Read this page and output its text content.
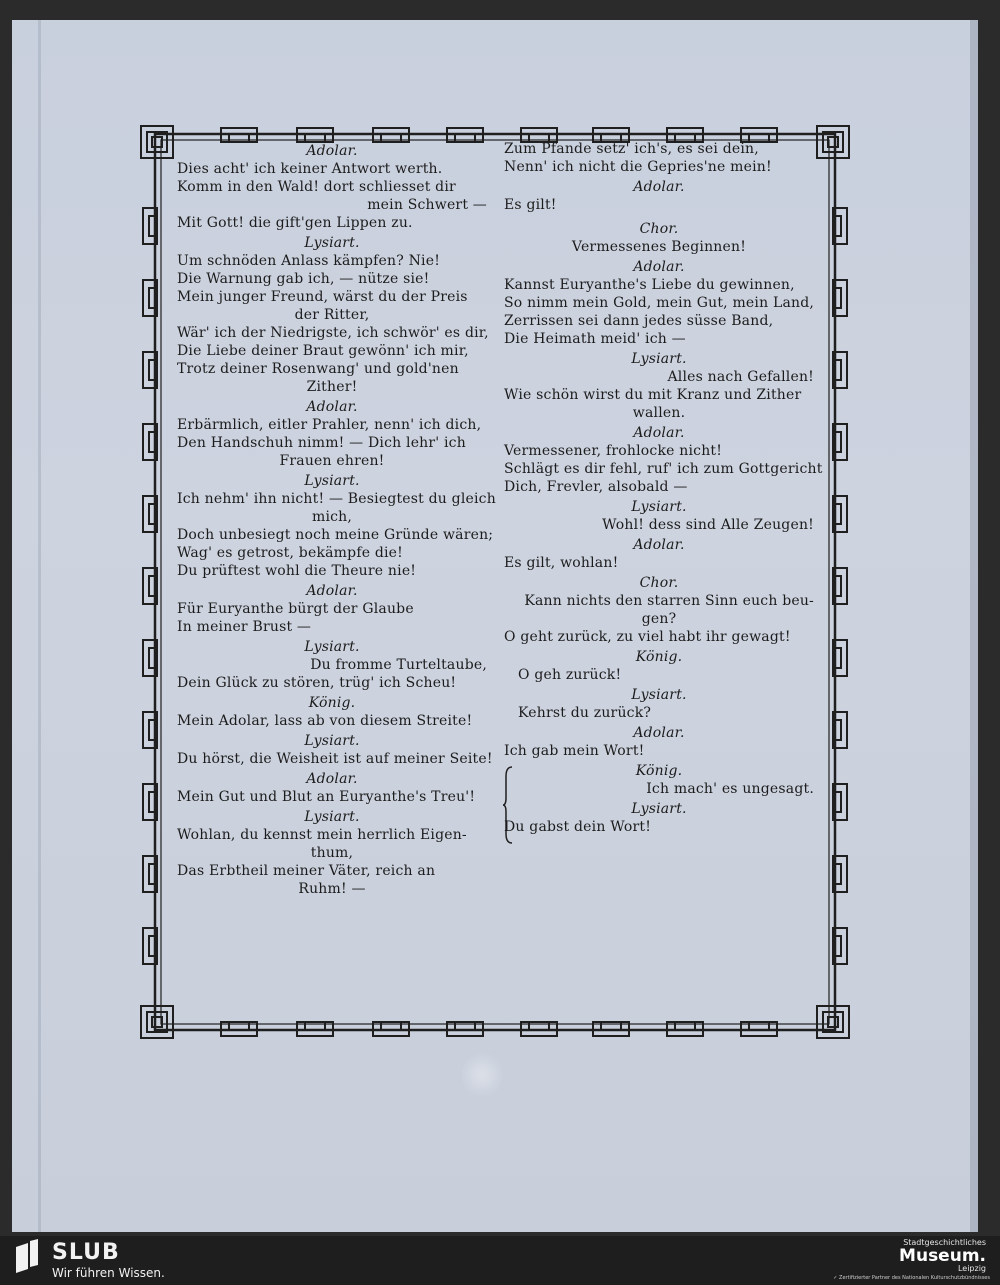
Adolar.
Dies acht' ich keiner Antwort werth.
Komm in den Wald! dort schliesset dir
mein Schwert —
Mit Gott! die gift'gen Lippen zu.
Lysiart.
Um schnöden Anlass kämpfen? Nie!
Die Warnung gab ich, — nütze sie!
Mein junger Freund, wärst du der Preis
der Ritter,
Wär' ich der Niedrigste, ich schwör' es dir,
Die Liebe deiner Braut gewönn' ich mir,
Trotz deiner Rosenwang' und gold'nen
Zither!
Adolar.
Erbärmlich, eitler Prahler, nenn' ich dich,
Den Handschuh nimm! — Dich lehr' ich
Frauen ehren!
Lysiart.
Ich nehm' ihn nicht! — Besiegtest du gleich
mich,
Doch unbesiegt noch meine Gründe wären;
Wag' es getrost, bekämpfe die!
Du prüftest wohl die Theure nie!
Adolar.
Für Euryanthe bürgt der Glaube
In meiner Brust —
Lysiart.
Du fromme Turteltaube,
Dein Glück zu stören, trüg' ich Scheu!
König.
Mein Adolar, lass ab von diesem Streite!
Lysiart.
Du hörst, die Weisheit ist auf meiner Seite!
Adolar.
Mein Gut und Blut an Euryanthe's Treu'!
Lysiart.
Wohlan, du kennst mein herrlich Eigen-
thum,
Das Erbtheil meiner Väter, reich an
Ruhm! —
Zum Pfande setz' ich's, es sei dein,
Nenn' ich nicht die Gepries'ne mein!
Adolar.
Es gilt!
Chor.
Vermessenes Beginnen!
Adolar.
Kannst Euryanthe's Liebe du gewinnen,
So nimm mein Gold, mein Gut, mein Land,
Zerrissen sei dann jedes süsse Band,
Die Heimath meid' ich —
Lysiart.
Alles nach Gefallen!
Wie schön wirst du mit Kranz und Zither
wallen.
Adolar.
Vermessener, frohlocke nicht!
Schlägt es dir fehl, ruf' ich zum Gottgericht
Dich, Frevler, alsobald —
Lysiart.
Wohl! dess sind Alle Zeugen!
Adolar.
Es gilt, wohlan!
Chor.
Kann nichts den starren Sinn euch beu-
gen?
O geht zurück, zu viel habt ihr gewagt!
König.
O geh zurück!
Lysiart.
Kehrst du zurück?
Adolar.
Ich gab mein Wort!
König.
Ich mach' es ungesagt.
Lysiart.
Du gabst dein Wort!
SLUB
Wir führen Wissen.
Stadtgeschichtliches
Museum.
Leipzig
✓ Zertifizierter Partner des Nationalen Kulturschutzbündnisses
